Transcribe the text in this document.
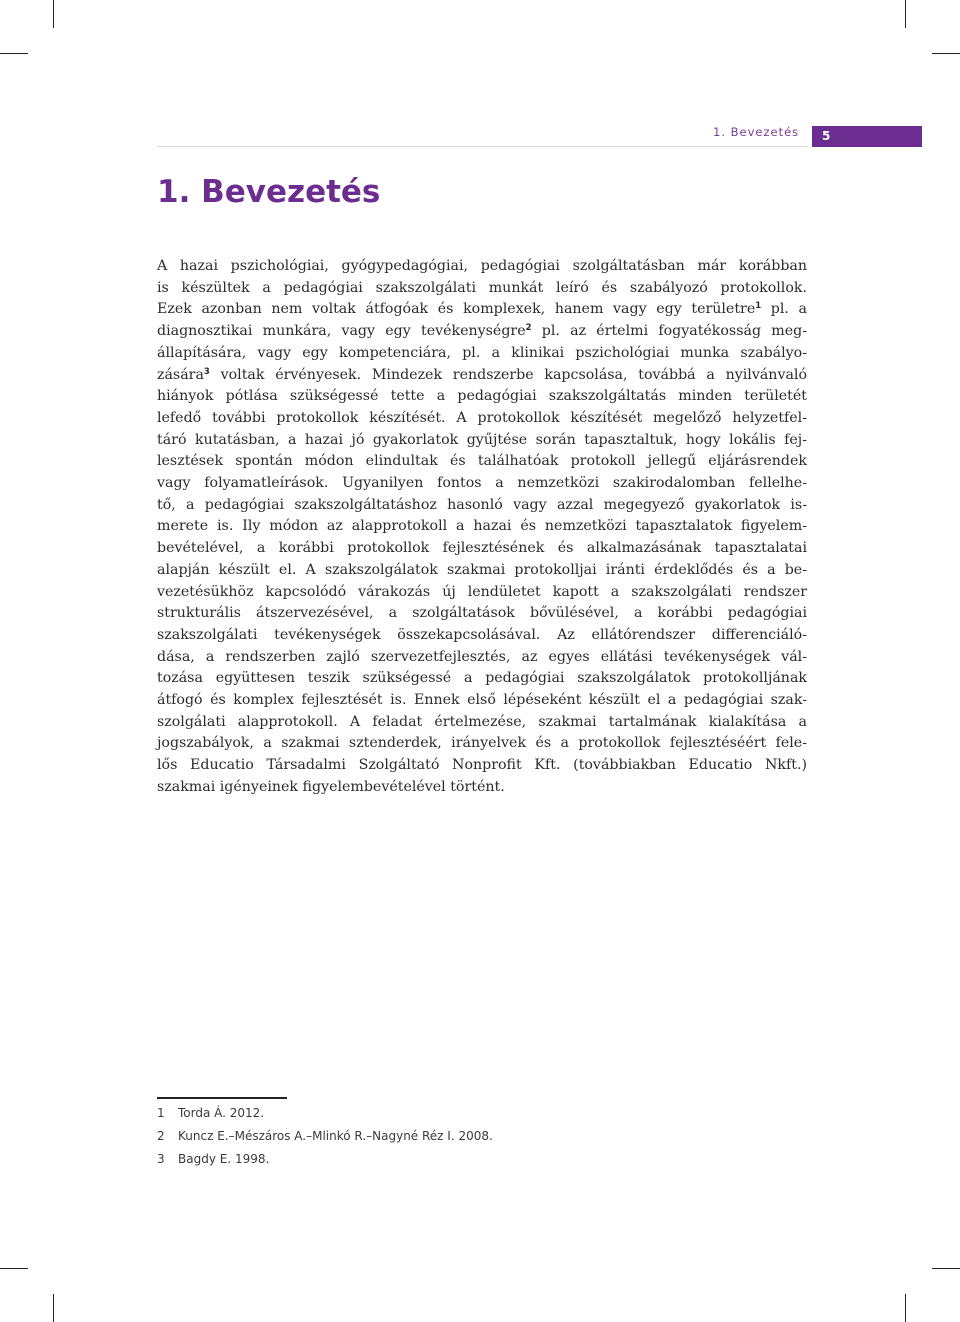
1. Bevezetés 5
1. Bevezetés
A hazai pszichológiai, gyógypedagógiai, pedagógiai szolgáltatásban már korábban
is készültek a pedagógiai szakszolgálati munkát leíró és szabályozó protokollok.
Ezek azonban nem voltak átfogóak és komplexek, hanem vagy egy területre$^1$ pl. a
diagnosztikai munkára, vagy egy tevékenységre$^2$ pl. az értelmi fogyatékosság meg-
állapítására, vagy egy kompetenciára, pl. a klinikai pszichológiai munka szabályo-
zására$^3$ voltak érvényesek. Mindezek rendszerbe kapcsolása, továbbá a nyilvánvaló
hiányok pótlása szükségessé tette a pedagógiai szakszolgáltatás minden területét
lefedő további protokollok készítését. A protokollok készítését megelőző helyzetfel-
táró kutatásban, a hazai jó gyakorlatok gyűjtése során tapasztaltuk, hogy lokális fej-
lesztések spontán módon elindultak és találhatóak protokoll jellegű eljárásrendek
vagy folyamatleírások. Ugyanilyen fontos a nemzetközi szakirodalomban fellelhe-
tő, a pedagógiai szakszolgáltatáshoz hasonló vagy azzal megegyező gyakorlatok is-
merete is. Ily módon az alapprotokoll a hazai és nemzetközi tapasztalatok figyelem-
bevételével, a korábbi protokollok fejlesztésének és alkalmazásának tapasztalatai
alapján készült el. A szakszolgálatok szakmai protokolljai iránti érdeklődés és a be-
vezetésükhöz kapcsolódó várakozás új lendületet kapott a szakszolgálati rendszer
strukturális átszervezésével, a szolgáltatások bővülésével, a korábbi pedagógiai
szakszolgálati tevékenységek összekapcsolásával. Az ellátórendszer differenciáló-
dása, a rendszerben zajló szervezetfejlesztés, az egyes ellátási tevékenységek vál-
tozása együttesen teszik szükségessé a pedagógiai szakszolgálatok protokolljának
átfogó és komplex fejlesztését is. Ennek első lépéseként készült el a pedagógiai szak-
szolgálati alapprotokoll. A feladat értelmezése, szakmai tartalmának kialakítása a
jogszabályok, a szakmai sztenderdek, irányelvek és a protokollok fejlesztéséért fele-
lős Educatio Társadalmi Szolgáltató Nonprofit Kft. (továbbiakban Educatio Nkft.)
szakmai igényeinek figyelembevételével történt.
1 Torda Á. 2012.
2 Kuncz E.–Mészáros A.–Mlinkó R.–Nagyné Réz I. 2008.
3 Bagdy E. 1998.
